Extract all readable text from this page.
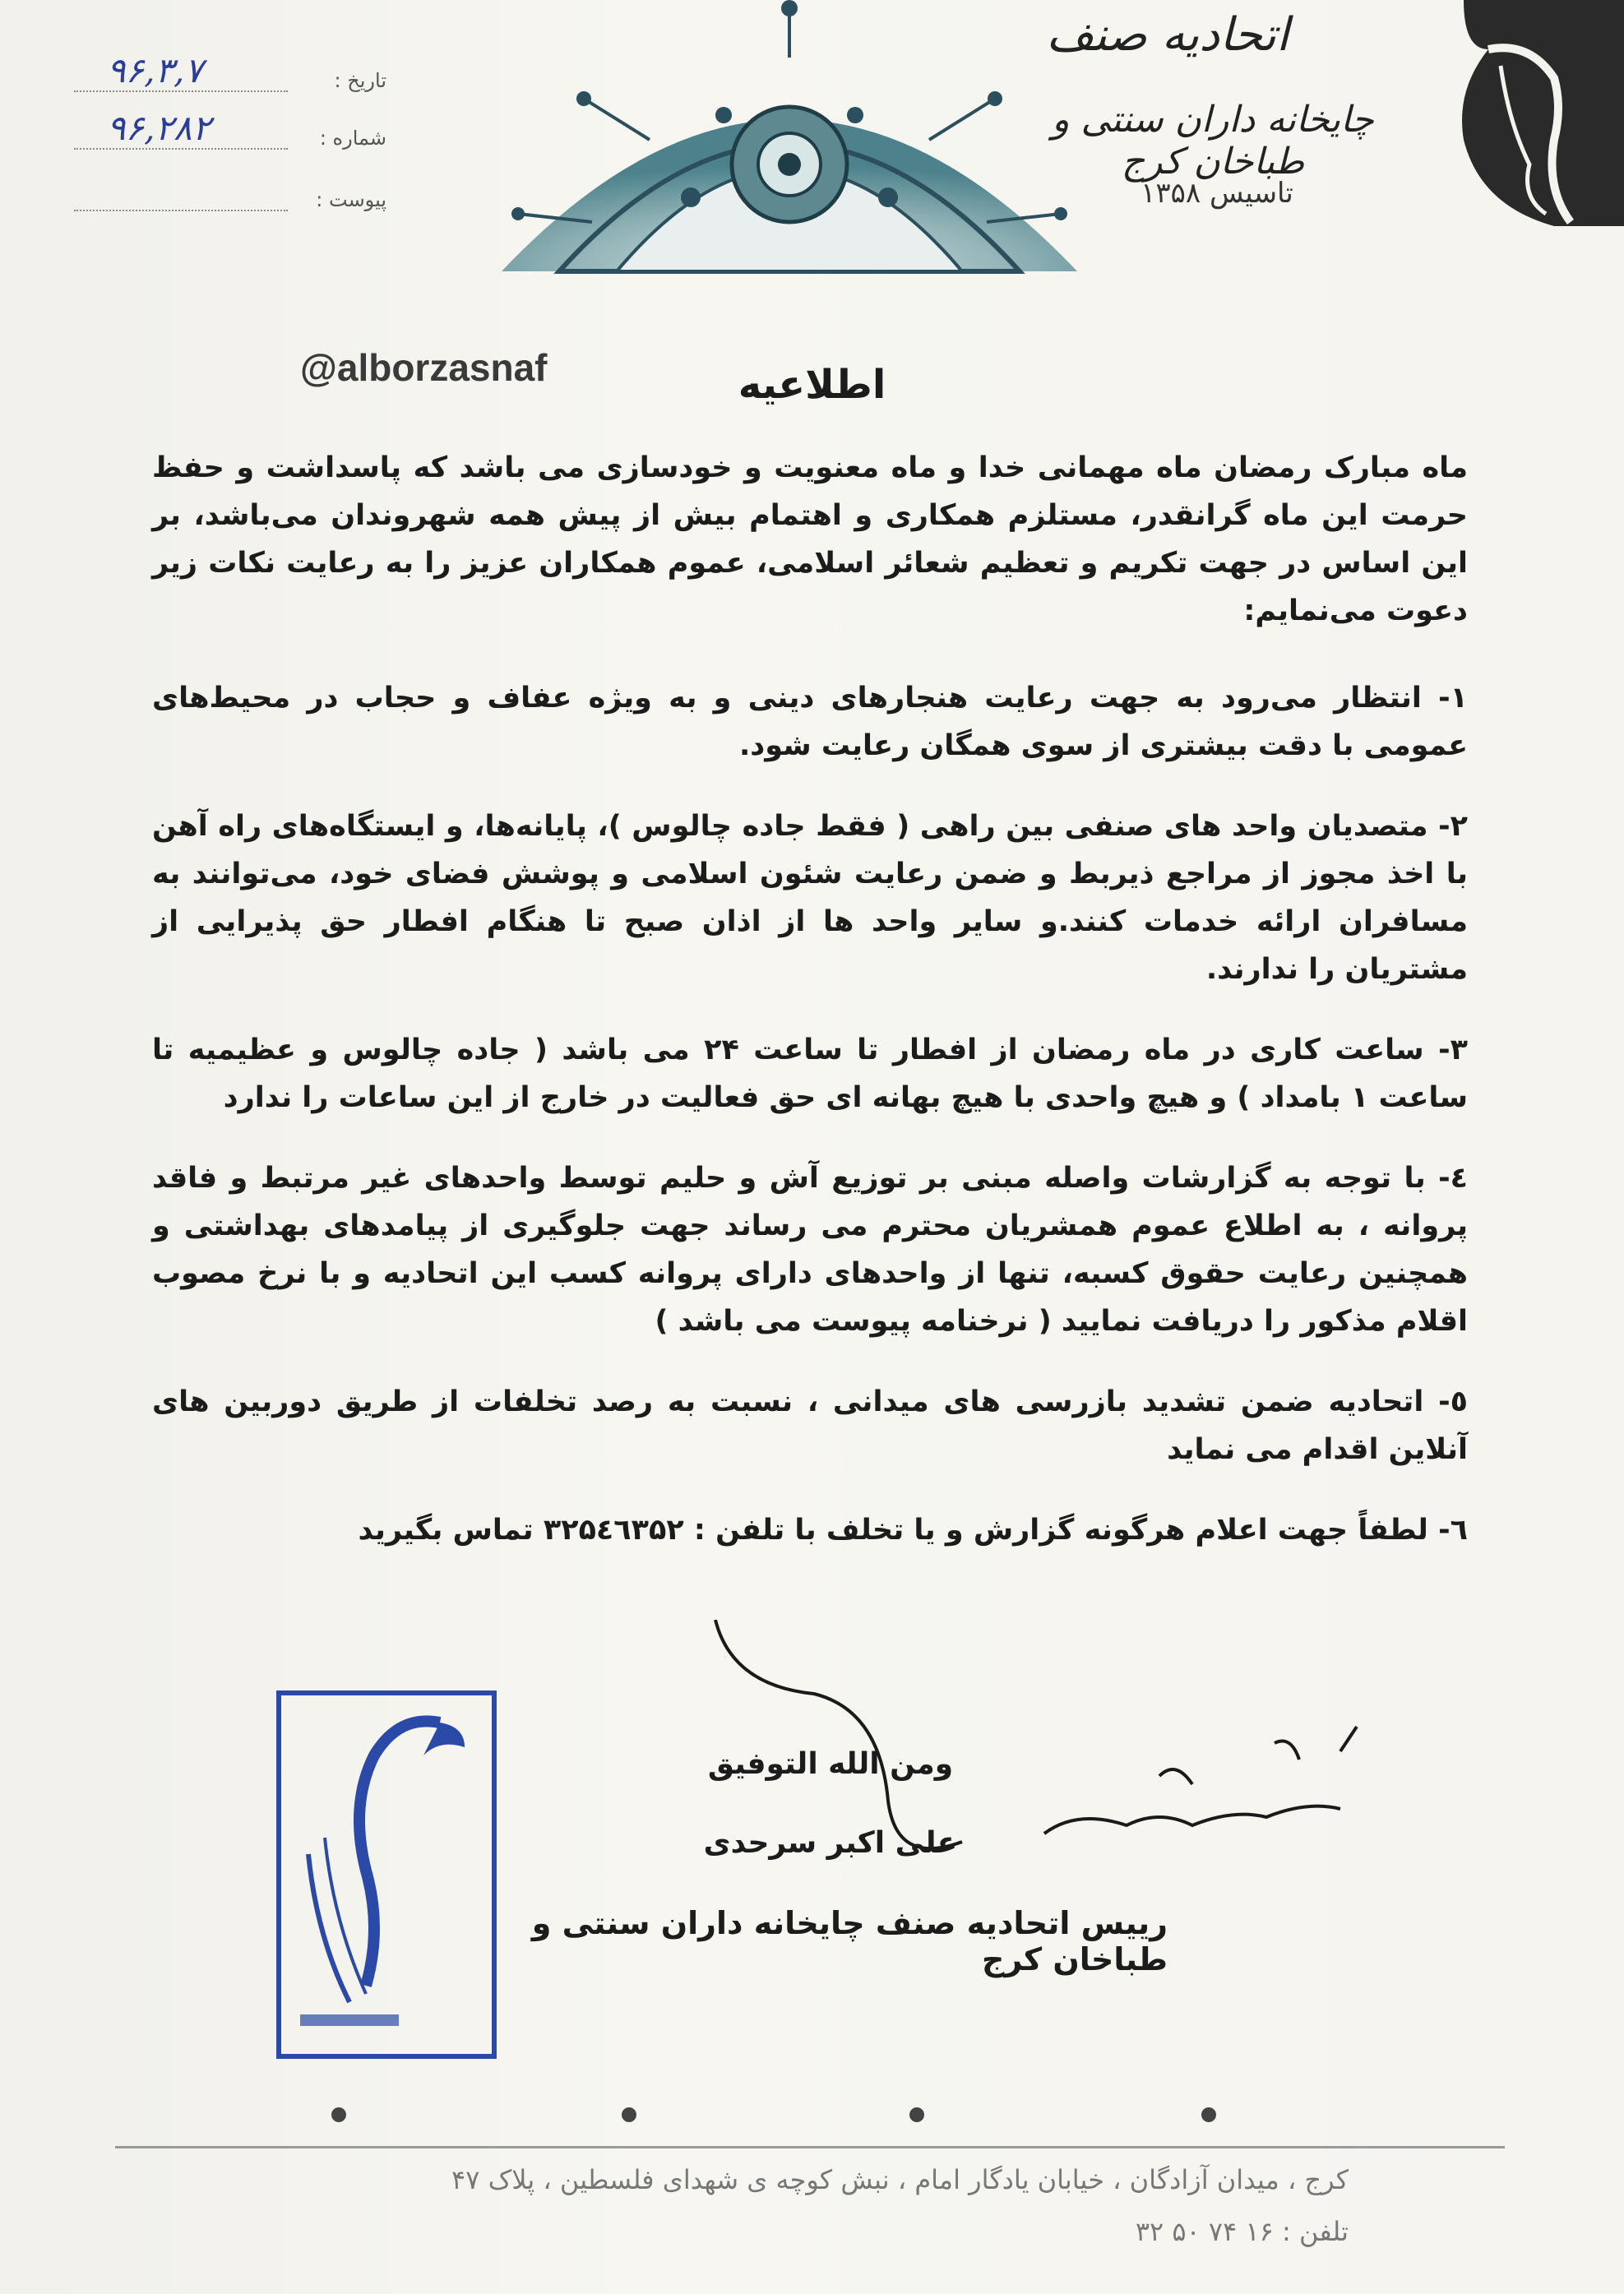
اتحادیه صنف
چایخانه داران سنتی و طباخان کرج
تاسیس ۱۳۵۸
تاریخ :
۹۶,۳,۷
شماره :
۹۶,۲۸۲
پیوست :
@alborzasnaf	اطلاعیه

ماه مبارک رمضان ماه مهمانی خدا و ماه معنویت و خودسازی می باشد که پاسداشت و حفظ حرمت این ماه گرانقدر، مستلزم همکاری و اهتمام بیش از پیش همه شهروندان می‌باشد، بر این اساس در جهت تکریم و تعظیم شعائر اسلامی، عموم همکاران عزیز را به رعایت نکات زیر دعوت می‌نمایم:

۱- انتظار می‌رود به جهت رعایت هنجارهای دینی و به ویژه عفاف و حجاب در محیط‌های عمومی با دقت بیشتری از سوی همگان رعایت شود.

۲- متصدیان واحد های صنفی بین راهی ( فقط جاده چالوس )، پایانه‌ها، و ایستگاه‌های راه آهن با اخذ مجوز از مراجع ذیربط و ضمن رعایت شئون اسلامی و پوشش فضای خود، می‌توانند به مسافران ارائه خدمات کنند.و سایر واحد ها از اذان صبح تا هنگام افطار حق پذیرایی از مشتریان را ندارند.

۳- ساعت کاری در ماه رمضان از افطار تا ساعت ۲۴ می باشد ( جاده چالوس و عظیمیه تا ساعت ۱ بامداد ) و هیچ واحدی با هیچ بهانه ای حق فعالیت در خارج از این ساعات را ندارد

٤- با توجه به گزارشات واصله مبنی بر توزیع آش و حلیم توسط واحدهای غیر مرتبط و فاقد پروانه ، به اطلاع عموم همشریان محترم می رساند جهت جلوگیری از پیامدهای بهداشتی و همچنین رعایت حقوق کسبه، تنها از واحدهای دارای پروانه کسب این اتحادیه و با نرخ مصوب اقلام مذکور را دریافت نمایید ( نرخنامه پیوست می باشد )

٥- اتحادیه ضمن تشدید بازرسی های میدانی ، نسبت به رصد تخلفات از طریق دوربین های آنلاین اقدام می نماید

٦- لطفاً جهت اعلام هرگونه گزارش و یا تخلف با تلفن : ۳۲۵٤٦۳۵۲ تماس بگیرید

ومن الله التوفیق
علی اکبر سرحدی
رییس اتحادیه صنف چایخانه داران سنتی و طباخان کرج
کرج ، میدان آزادگان ، خیابان یادگار امام ، نبش کوچه ی شهدای فلسطین ، پلاک ۴۷
تلفن : ۱۶ ۷۴ ۵۰ ۳۲
